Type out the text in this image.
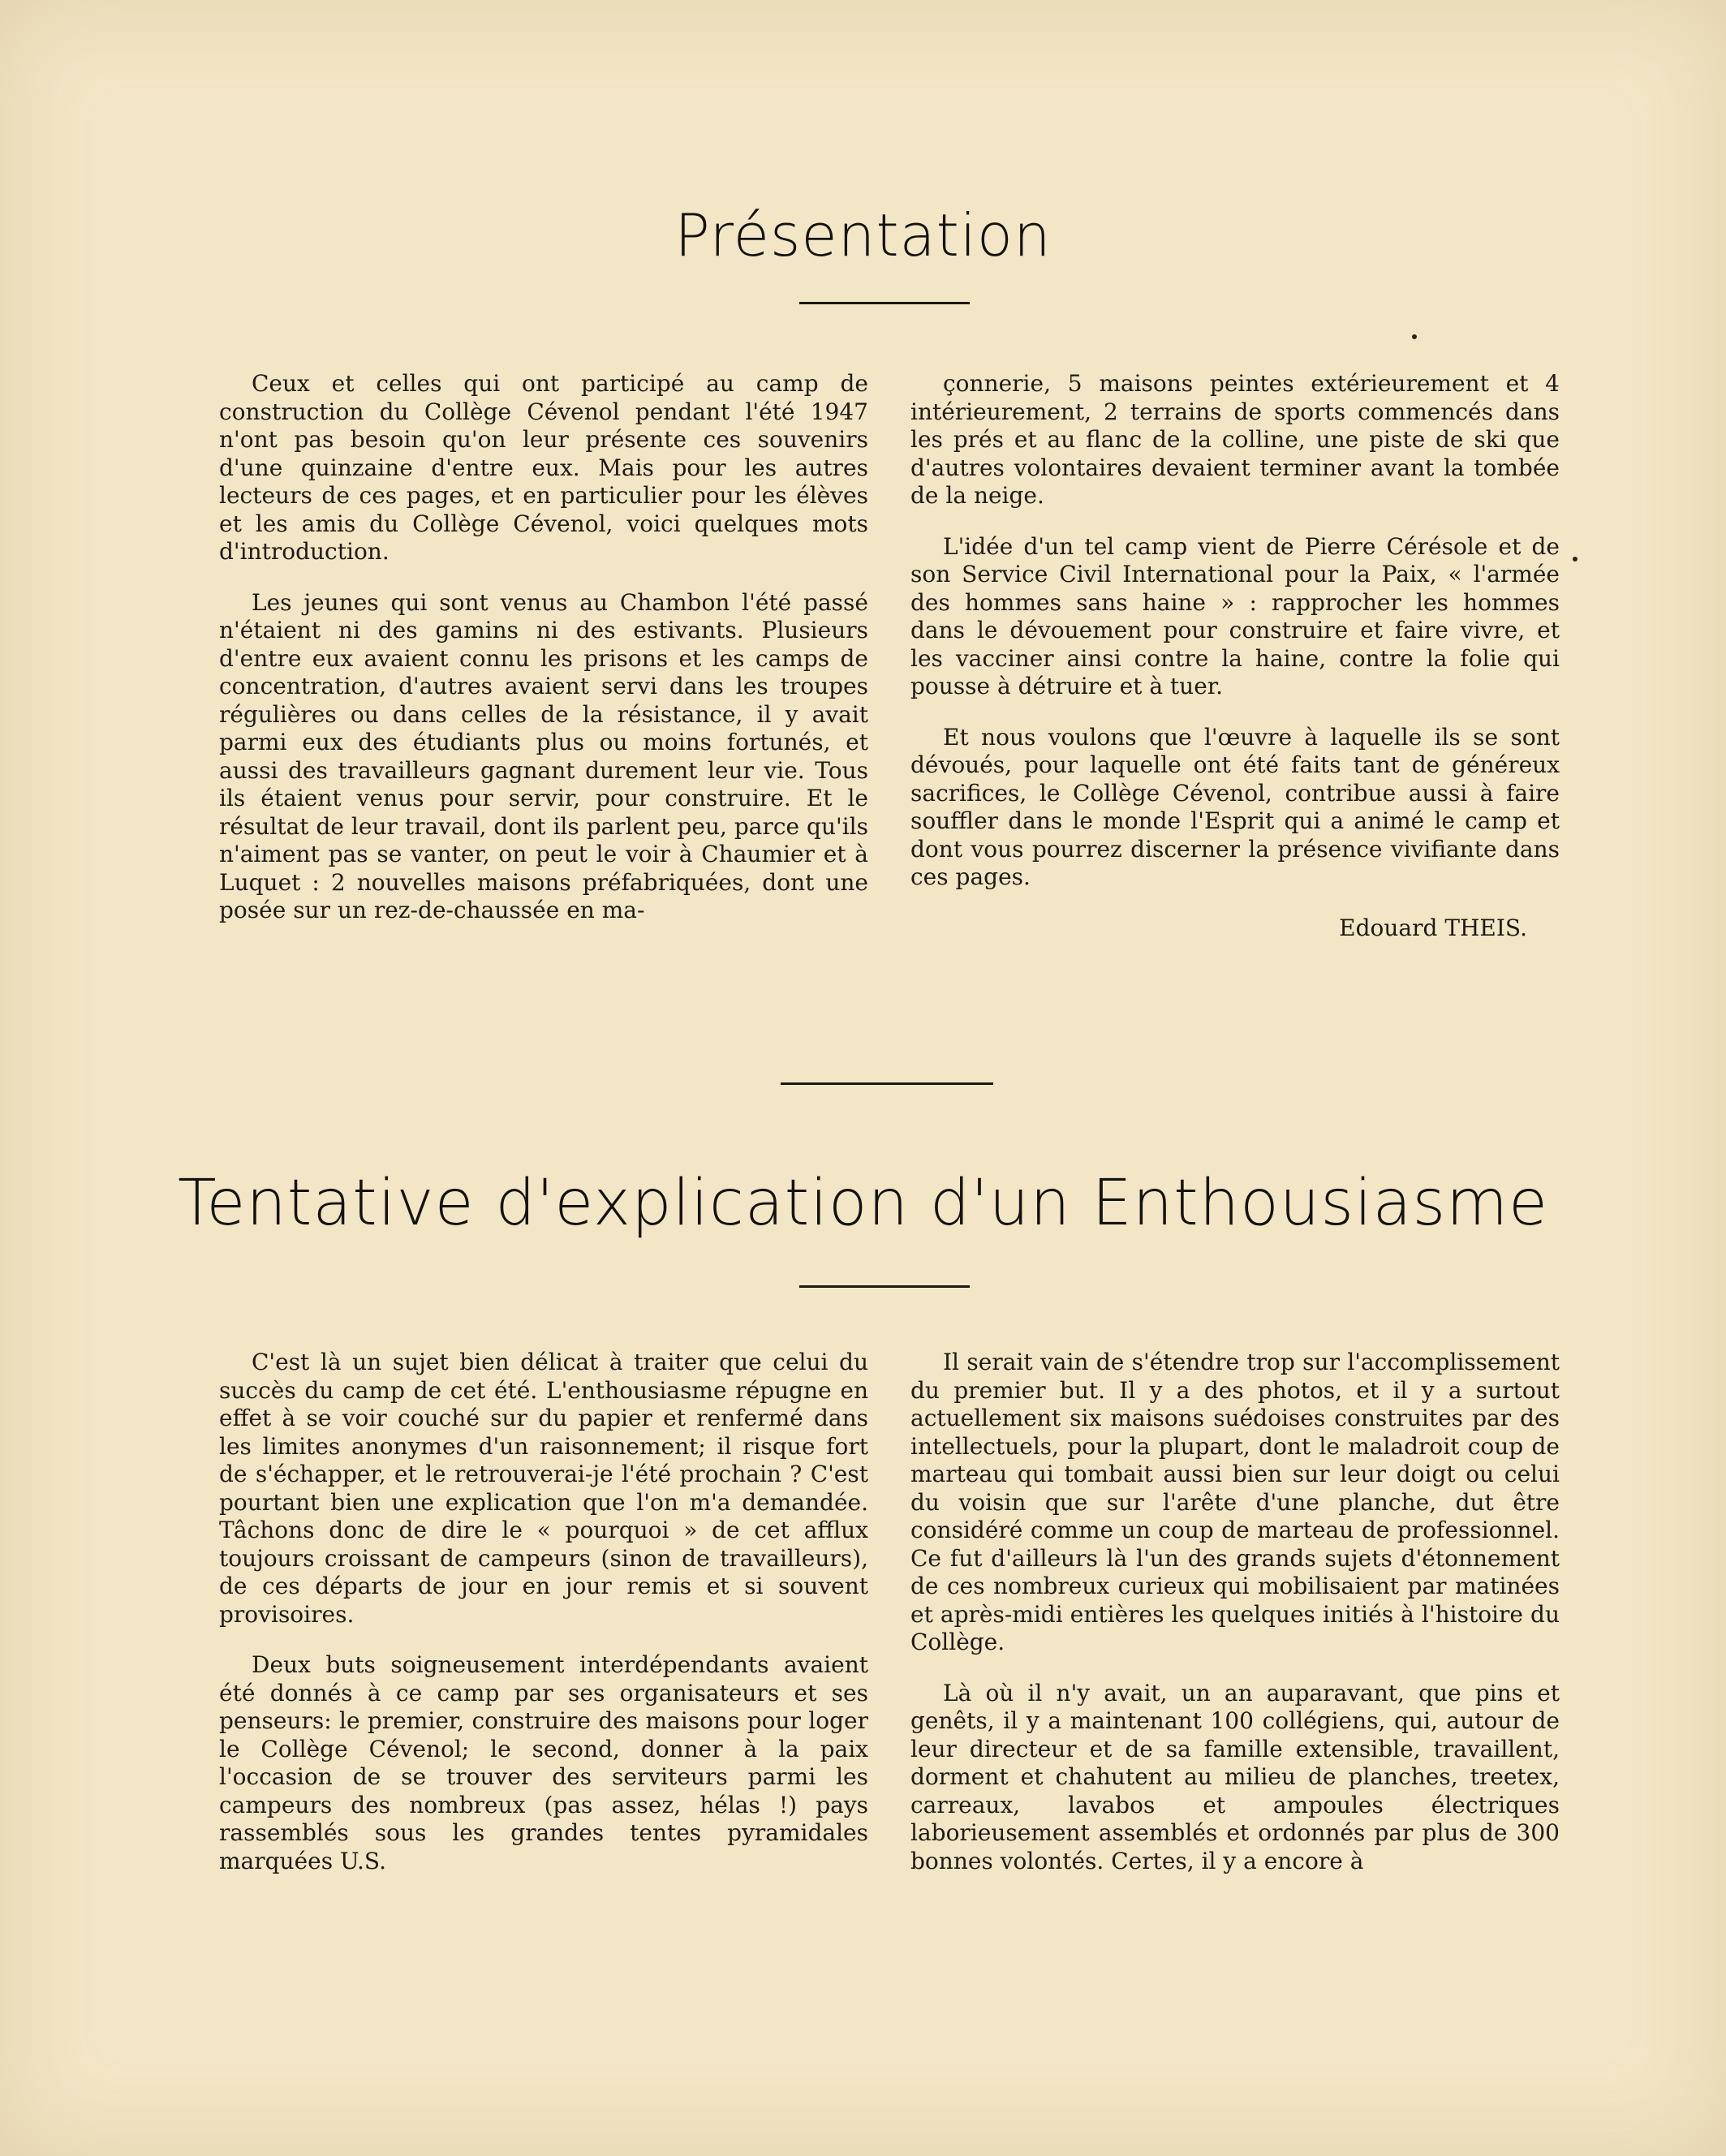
Présentation

Ceux et celles qui ont participé au camp de construction du Collège Cévenol pendant l'été 1947 n'ont pas besoin qu'on leur présente ces souvenirs d'une quinzaine d'entre eux. Mais pour les autres lecteurs de ces pages, et en particulier pour les élèves et les amis du Collège Cévenol, voici quelques mots d'introduction.

Les jeunes qui sont venus au Chambon l'été passé n'étaient ni des gamins ni des estivants. Plusieurs d'entre eux avaient connu les prisons et les camps de concentration, d'autres avaient servi dans les troupes régulières ou dans celles de la résistance, il y avait parmi eux des étudiants plus ou moins fortunés, et aussi des travailleurs gagnant durement leur vie. Tous ils étaient venus pour servir, pour construire. Et le résultat de leur travail, dont ils parlent peu, parce qu'ils n'aiment pas se vanter, on peut le voir à Chaumier et à Luquet : 2 nouvelles maisons préfabriquées, dont une posée sur un rez-de-chaussée en ma-

çonnerie, 5 maisons peintes extérieurement et 4 intérieurement, 2 terrains de sports commencés dans les prés et au flanc de la colline, une piste de ski que d'autres volontaires devaient terminer avant la tombée de la neige.

L'idée d'un tel camp vient de Pierre Cérésole et de son Service Civil International pour la Paix, « l'armée des hommes sans haine » : rapprocher les hommes dans le dévouement pour construire et faire vivre, et les vacciner ainsi contre la haine, contre la folie qui pousse à détruire et à tuer.

Et nous voulons que l'œuvre à laquelle ils se sont dévoués, pour laquelle ont été faits tant de généreux sacrifices, le Collège Cévenol, contribue aussi à faire souffler dans le monde l'Esprit qui a animé le camp et dont vous pourrez discerner la présence vivifiante dans ces pages.

Edouard THEIS.
Tentative d'explication d'un Enthousiasme

C'est là un sujet bien délicat à traiter que celui du succès du camp de cet été. L'enthousiasme répugne en effet à se voir couché sur du papier et renfermé dans les limites anonymes d'un raisonnement; il risque fort de s'échapper, et le retrouverai-je l'été prochain ? C'est pourtant bien une explication que l'on m'a demandée. Tâchons donc de dire le « pourquoi » de cet afflux toujours croissant de campeurs (sinon de travailleurs), de ces départs de jour en jour remis et si souvent provisoires.

Deux buts soigneusement interdépendants avaient été donnés à ce camp par ses organisateurs et ses penseurs: le premier, construire des maisons pour loger le Collège Cévenol; le second, donner à la paix l'occasion de se trouver des serviteurs parmi les campeurs des nombreux (pas assez, hélas !) pays rassemblés sous les grandes tentes pyramidales marquées U.S.

Il serait vain de s'étendre trop sur l'accomplissement du premier but. Il y a des photos, et il y a surtout actuellement six maisons suédoises construites par des intellectuels, pour la plupart, dont le maladroit coup de marteau qui tombait aussi bien sur leur doigt ou celui du voisin que sur l'arête d'une planche, dut être considéré comme un coup de marteau de professionnel. Ce fut d'ailleurs là l'un des grands sujets d'étonnement de ces nombreux curieux qui mobilisaient par matinées et après-midi entières les quelques initiés à l'histoire du Collège.

Là où il n'y avait, un an auparavant, que pins et genêts, il y a maintenant 100 collégiens, qui, autour de leur directeur et de sa famille extensible, travaillent, dorment et chahutent au milieu de planches, treetex, carreaux, lavabos et ampoules électriques laborieusement assemblés et ordonnés par plus de 300 bonnes volontés. Certes, il y a encore à
